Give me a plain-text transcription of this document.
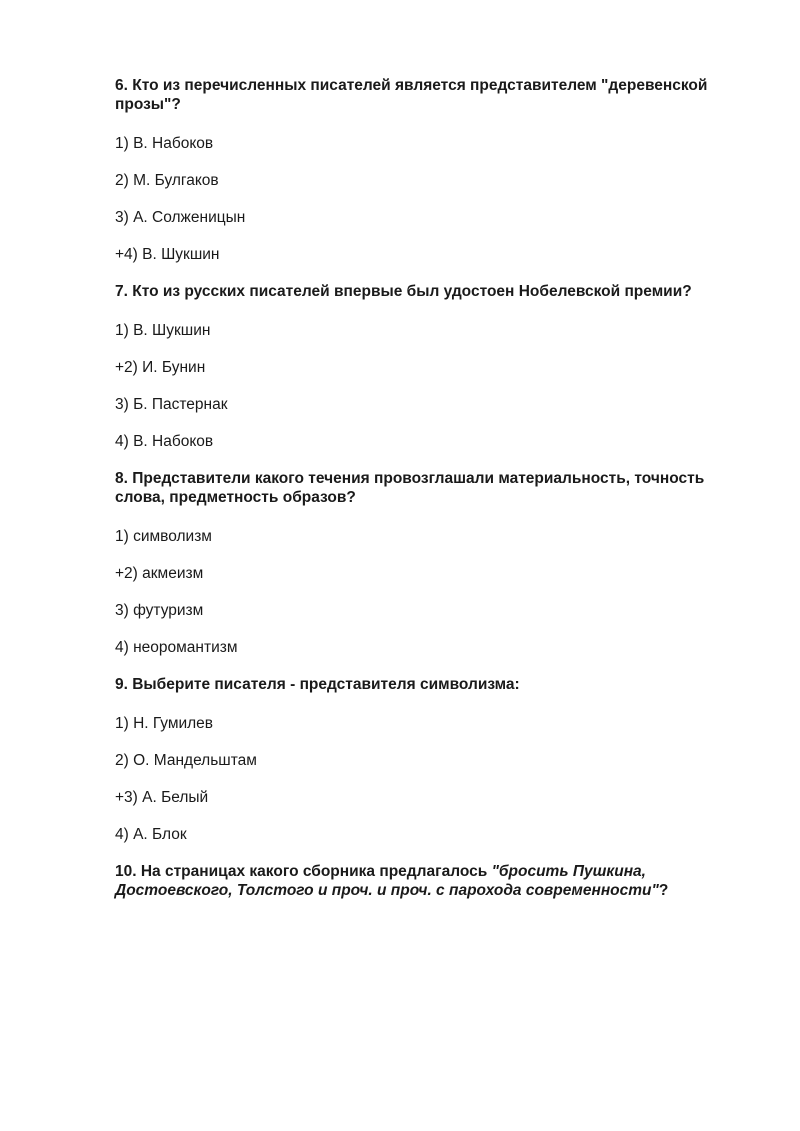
6. Кто из перечисленных писателей является представителем "деревенской прозы"?

1) В. Набоков

2) М. Булгаков

3) А. Солженицын

+4) В. Шукшин

7. Кто из русских писателей впервые был удостоен Нобелевской премии?

1) В. Шукшин

+2) И. Бунин

3) Б. Пастернак

4) В. Набоков

8. Представители какого течения провозглашали материальность, точность слова, предметность образов?

1) символизм

+2) акмеизм

3) футуризм

4) неоромантизм

9. Выберите писателя - представителя символизма:

1) Н. Гумилев

2) О. Мандельштам

+3) А. Белый

4) А. Блок

10. На страницах какого сборника предлагалось "бросить Пушкина, Достоевского, Толстого и проч. и проч. с парохода современности"?
